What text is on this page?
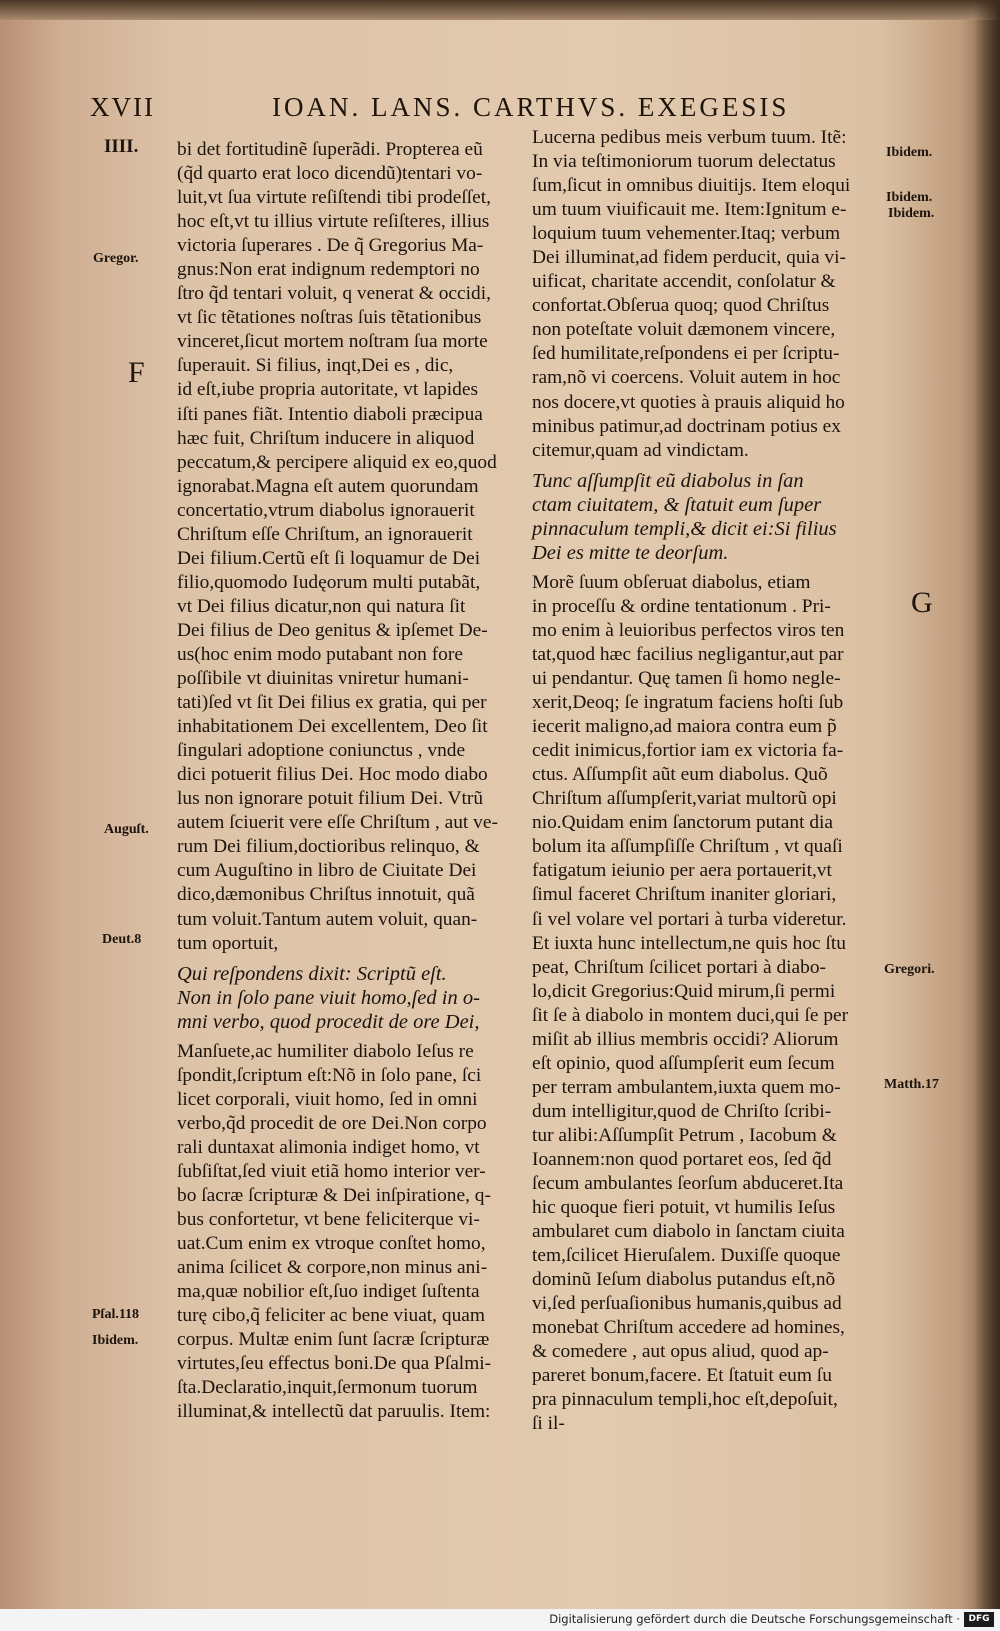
XVII	IOAN. LANS. CARTHVS. EXEGESIS
bi det fortitudinẽ ſuperãdi. Propterea eũ
(q̃d quarto erat loco dicendũ)tentari vo-
luit,vt ſua virtute reſiſtendi tibi prodeſſet,
hoc eſt,vt tu illius virtute reſiſteres, illius
victoria ſuperares . De q̃ Gregorius Ma-
gnus:Non erat indignum redemptori no
ſtro q̃d tentari voluit, q venerat & occidi,
vt ſic tẽtationes noſtras ſuis tẽtationibus
vinceret,ſicut mortem noſtram ſua morte
ſuperauit. Si filius, inqt,Dei es , dic,
id eſt,iube propria autoritate, vt lapides
iſti panes fiãt. Intentio diaboli præcipua
hæc fuit, Chriſtum inducere in aliquod
peccatum,& percipere aliquid ex eo,quod
ignorabat.Magna eſt autem quorundam
concertatio,vtrum diabolus ignorauerit
Chriſtum eſſe Chriſtum, an ignorauerit
Dei filium.Certũ eſt ſi loquamur de Dei
filio,quomodo Iudęorum multi putabãt,
vt Dei filius dicatur,non qui natura ſit
Dei filius de Deo genitus & ipſemet De-
us(hoc enim modo putabant non fore
poſſibile vt diuinitas vniretur humani-
tati)ſed vt ſit Dei filius ex gratia, qui per
inhabitationem Dei excellentem, Deo ſit
ſingulari adoptione coniunctus , vnde
dici potuerit filius Dei. Hoc modo diabo
lus non ignorare potuit filium Dei. Vtrũ
autem ſciuerit vere eſſe Chriſtum , aut ve-
rum Dei filium,doctioribus relinquo, &
cum Auguſtino in libro de Ciuitate Dei
dico,dæmonibus Chriſtus innotuit, quã
tum voluit.Tantum autem voluit, quan-
tum oportuit,
Qui reſpondens dixit: Scriptũ eſt.
Non in ſolo pane viuit homo,ſed in o-
mni verbo, quod procedit de ore Dei,
Manſuete,ac humiliter diabolo Ieſus re
ſpondit,ſcriptum eſt:Nõ in ſolo pane, ſci
licet corporali, viuit homo, ſed in omni
verbo,q̃d procedit de ore Dei.Non corpo
rali duntaxat alimonia indiget homo, vt
ſubſiſtat,ſed viuit etiã homo interior ver-
bo ſacræ ſcripturæ & Dei inſpiratione, q-
bus confortetur, vt bene feliciterque vi-
uat.Cum enim ex vtroque conſtet homo,
anima ſcilicet & corpore,non minus ani-
ma,quæ nobilior eſt,ſuo indiget ſuſtenta
turę cibo,q̃ feliciter ac bene viuat, quam
corpus. Multæ enim ſunt ſacræ ſcripturæ
virtutes,ſeu effectus boni.De qua Pſalmi-
ſta.Declaratio,inquit,ſermonum tuorum
illuminat,& intellectũ dat paruulis. Item:
Lucerna pedibus meis verbum tuum. Itẽ:
In via teſtimoniorum tuorum delectatus
ſum,ſicut in omnibus diuitijs. Item eloqui
um tuum viuificauit me. Item:Ignitum e-
loquium tuum vehementer.Itaq; verbum
Dei illuminat,ad fidem perducit, quia vi-
uificat, charitate accendit, conſolatur &
confortat.Obſerua quoq; quod Chriſtus
non poteſtate voluit dæmonem vincere,
ſed humilitate,reſpondens ei per ſcriptu-
ram,nõ vi coercens. Voluit autem in hoc
nos docere,vt quoties à prauis aliquid ho
minibus patimur,ad doctrinam potius ex
citemur,quam ad vindictam.
Tunc aſſumpſit eũ diabolus in ſan
ctam ciuitatem, & ſtatuit eum ſuper
pinnaculum templi,& dicit ei:Si filius
Dei es mitte te deorſum.
Morẽ ſuum obſeruat diabolus, etiam
in proceſſu & ordine tentationum . Pri-
mo enim à leuioribus perfectos viros ten
tat,quod hæc facilius negligantur,aut par
ui pendantur. Quę tamen ſi homo negle-
xerit,Deoq; ſe ingratum faciens hoſti ſub
iecerit maligno,ad maiora contra eum p̃
cedit inimicus,fortior iam ex victoria fa-
ctus. Aſſumpſit aũt eum diabolus. Quõ
Chriſtum aſſumpſerit,variat multorũ opi
nio.Quidam enim ſanctorum putant dia
bolum ita aſſumpſiſſe Chriſtum , vt quaſi
fatigatum ieiunio per aera portauerit,vt
ſimul faceret Chriſtum inaniter gloriari,
ſi vel volare vel portari à turba videretur.
Et iuxta hunc intellectum,ne quis hoc ſtu
peat, Chriſtum ſcilicet portari à diabo-
lo,dicit Gregorius:Quid mirum,ſi permi
ſit ſe à diabolo in montem duci,qui ſe per
miſit ab illius membris occidi? Aliorum
eſt opinio, quod aſſumpſerit eum ſecum
per terram ambulantem,iuxta quem mo-
dum intelligitur,quod de Chriſto ſcribi-
tur alibi:Aſſumpſit Petrum , Iacobum &
Ioannem:non quod portaret eos, ſed q̃d
ſecum ambulantes ſeorſum abduceret.Ita
hic quoque fieri potuit, vt humilis Ieſus
ambularet cum diabolo in ſanctam ciuita
tem,ſcilicet Hieruſalem. Duxiſſe quoque
dominũ Ieſum diabolus putandus eſt,nõ
vi,ſed perſuaſionibus humanis,quibus ad
monebat Chriſtum accedere ad homines,
& comedere , aut opus aliud, quod ap-
pareret bonum,facere. Et ſtatuit eum ſu
pra pinnaculum templi,hoc eſt,depoſuit,
ſi il-
IIII.
Gregor.
Auguſt.
Deut.8
Pſal.118
Ibidem.
Ibidem.
Ibidem.
Ibidem.
Gregori.
Matth.17
F
G
Digitalisierung gefördert durch die Deutsche Forschungsgemeinschaft · DFG
